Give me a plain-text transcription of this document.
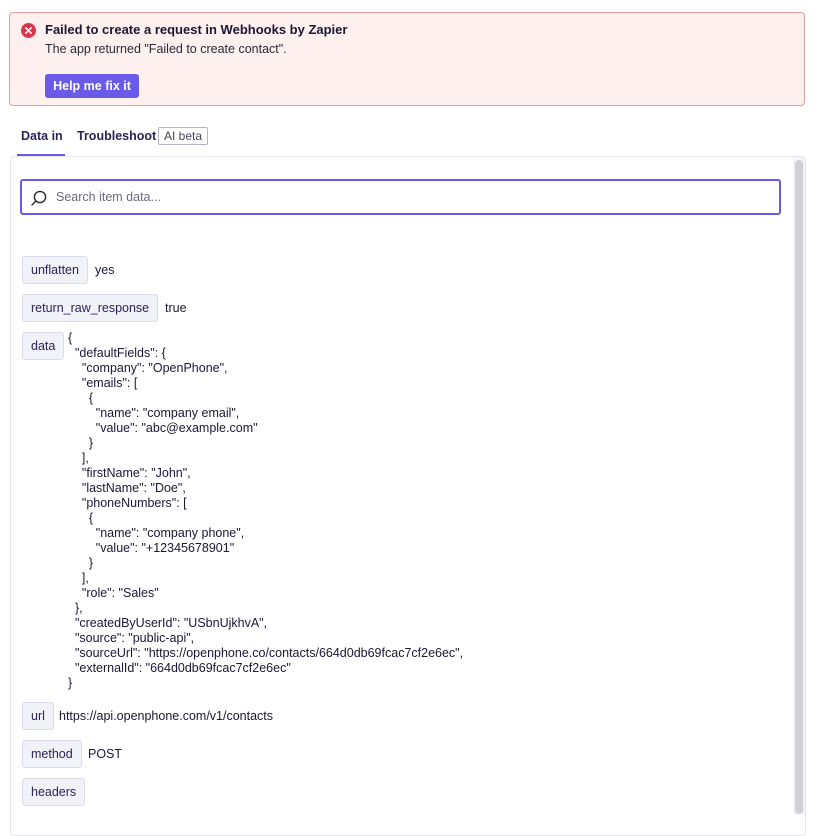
Failed to create a request in Webhooks by Zapier
The app returned "Failed to create contact".
Help me fix it
Data in Troubleshoot AI beta
Search item data...
unflatten	yes
return_raw_response	true
data
{
"defaultFields": {
"company": "OpenPhone",
"emails": [
{
"name": "company email",
"value": "abc@example.com"
}
],
"firstName": "John",
"lastName": "Doe",
"phoneNumbers": [
{
"name": "company phone",
"value": "+12345678901"
}
],
"role": "Sales"
},
"createdByUserId": "USbnUjkhvA",
"source": "public-api",
"sourceUrl": "https://openphone.co/contacts/664d0db69fcac7cf2e6ec",
"externalId": "664d0db69fcac7cf2e6ec"
}
url	https://api.openphone.com/v1/contacts
method	POST
headers
